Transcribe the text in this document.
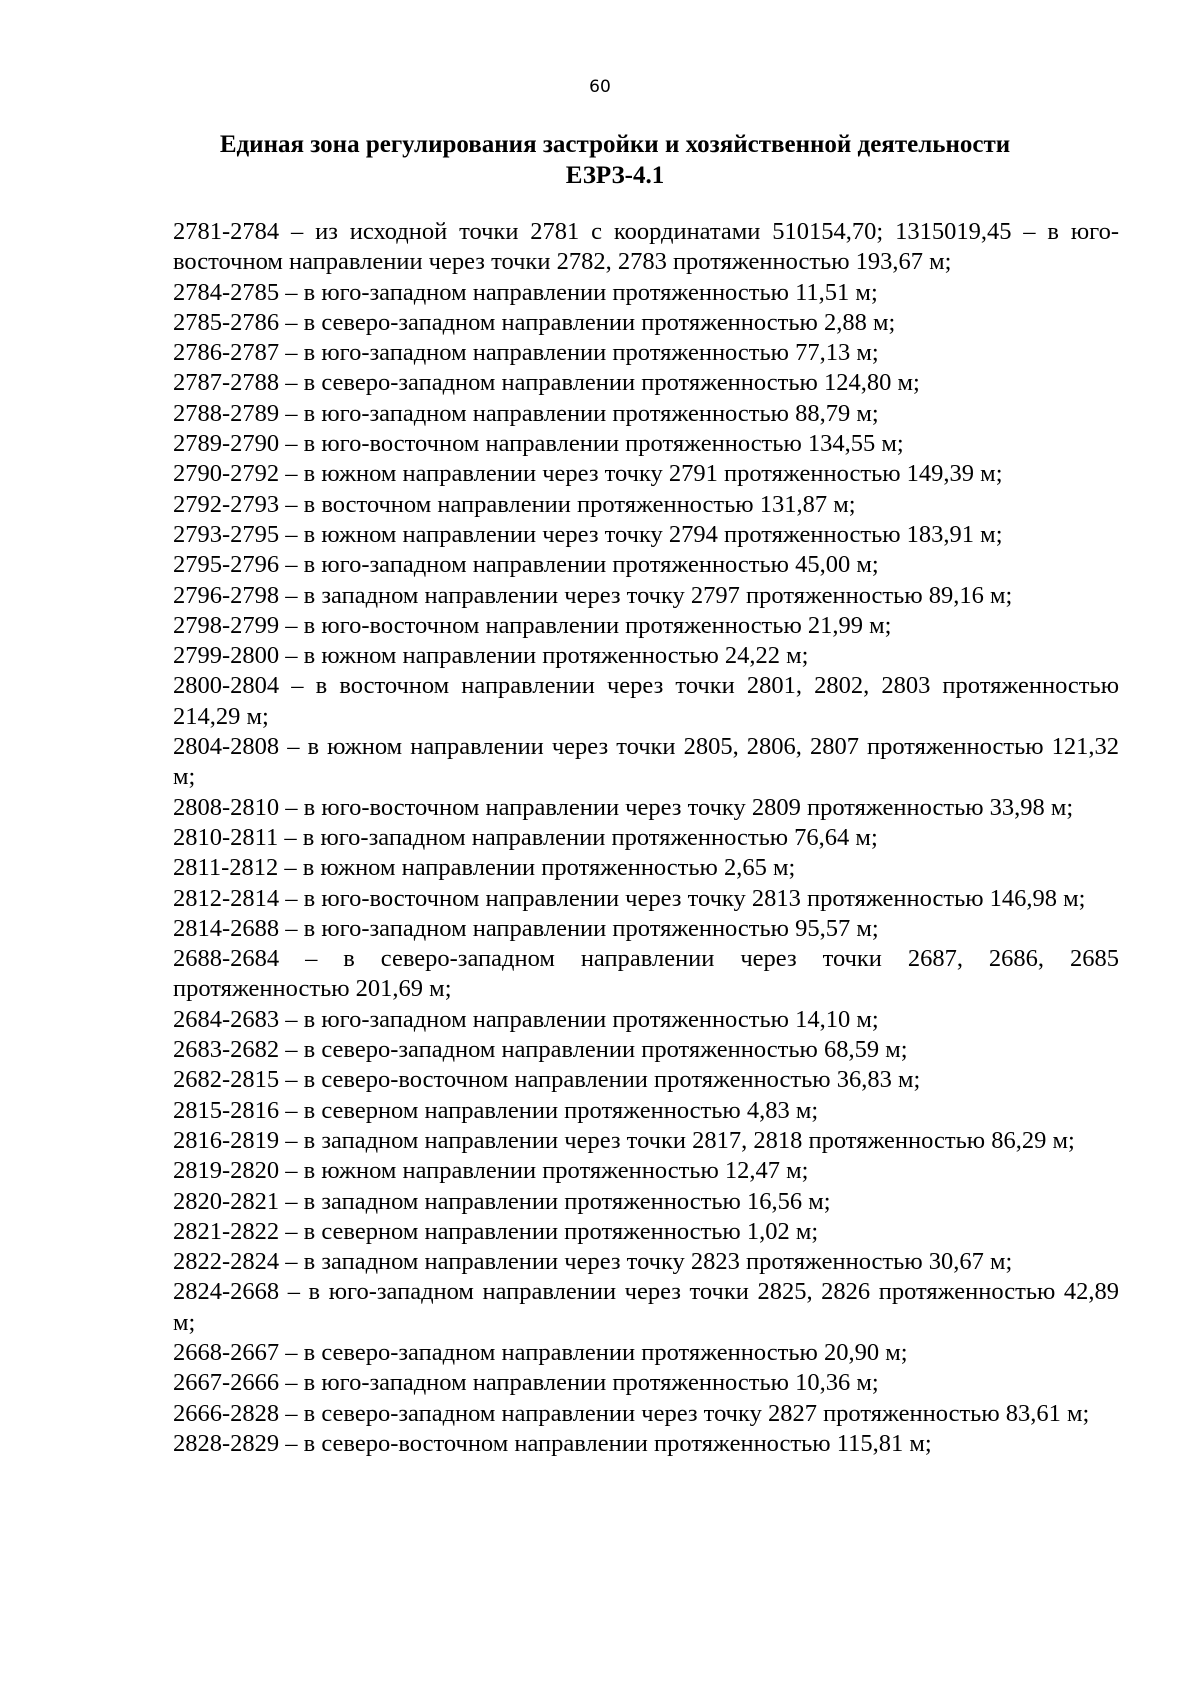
60
Единая зона регулирования застройки и хозяйственной деятельности
ЕЗРЗ-4.1

2781-2784 – из исходной точки 2781 с координатами 510154,70; 1315019,45 – в юго-восточном направлении через точки 2782, 2783 протяженностью 193,67 м;

2784-2785 – в юго-западном направлении протяженностью 11,51 м;

2785-2786 – в северо-западном направлении протяженностью 2,88 м;

2786-2787 – в юго-западном направлении протяженностью 77,13 м;

2787-2788 – в северо-западном направлении протяженностью 124,80 м;

2788-2789 – в юго-западном направлении протяженностью 88,79 м;

2789-2790 – в юго-восточном направлении протяженностью 134,55 м;

2790-2792 – в южном направлении через точку 2791 протяженностью 149,39 м;

2792-2793 – в восточном направлении протяженностью 131,87 м;

2793-2795 – в южном направлении через точку 2794 протяженностью 183,91 м;

2795-2796 – в юго-западном направлении протяженностью 45,00 м;

2796-2798 – в западном направлении через точку 2797 протяженностью 89,16 м;

2798-2799 – в юго-восточном направлении протяженностью 21,99 м;

2799-2800 – в южном направлении протяженностью 24,22 м;

2800-2804 – в восточном направлении через точки 2801, 2802, 2803 протяженностью 214,29 м;

2804-2808 – в южном направлении через точки 2805, 2806, 2807 протяженностью 121,32 м;

2808-2810 – в юго-восточном направлении через точку 2809 протяженностью 33,98 м;

2810-2811 – в юго-западном направлении протяженностью 76,64 м;

2811-2812 – в южном направлении протяженностью 2,65 м;

2812-2814 – в юго-восточном направлении через точку 2813 протяженностью 146,98 м;

2814-2688 – в юго-западном направлении протяженностью 95,57 м;

2688-2684 – в северо-западном направлении через точки 2687, 2686, 2685 протяженностью 201,69 м;

2684-2683 – в юго-западном направлении протяженностью 14,10 м;

2683-2682 – в северо-западном направлении протяженностью 68,59 м;

2682-2815 – в северо-восточном направлении протяженностью 36,83 м;

2815-2816 – в северном направлении протяженностью 4,83 м;

2816-2819 – в западном направлении через точки 2817, 2818 протяженностью 86,29 м;

2819-2820 – в южном направлении протяженностью 12,47 м;

2820-2821 – в западном направлении протяженностью 16,56 м;

2821-2822 – в северном направлении протяженностью 1,02 м;

2822-2824 – в западном направлении через точку 2823 протяженностью 30,67 м;

2824-2668 – в юго-западном направлении через точки 2825, 2826 протяженностью 42,89 м;

2668-2667 – в северо-западном направлении протяженностью 20,90 м;

2667-2666 – в юго-западном направлении протяженностью 10,36 м;

2666-2828 – в северо-западном направлении через точку 2827 протяженностью 83,61 м;

2828-2829 – в северо-восточном направлении протяженностью 115,81 м;
